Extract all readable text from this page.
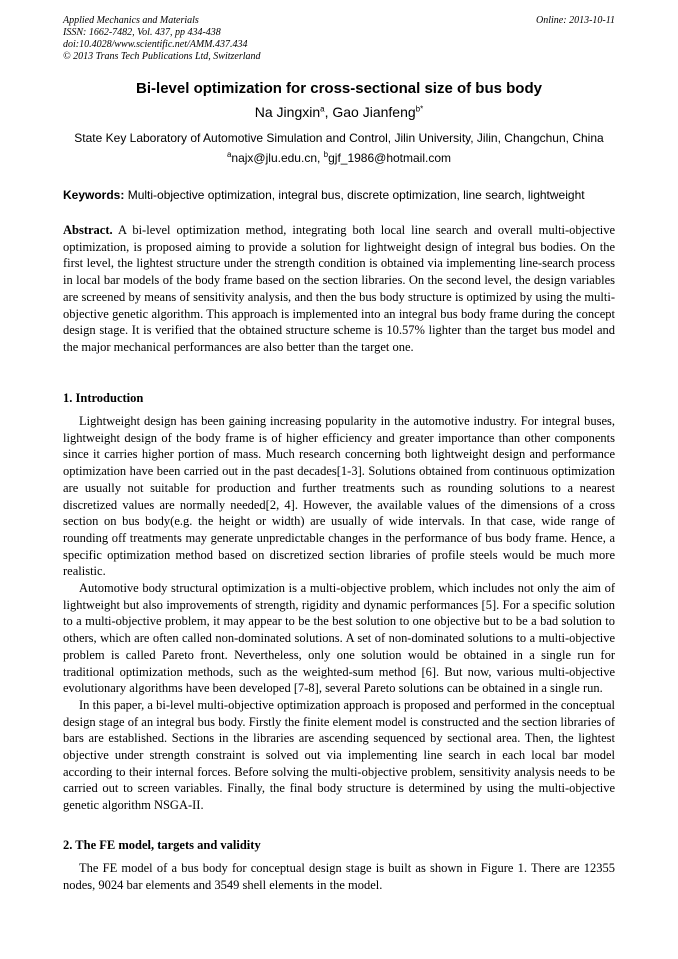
Applied Mechanics and Materials
ISSN: 1662-7482, Vol. 437, pp 434-438
doi:10.4028/www.scientific.net/AMM.437.434
© 2013 Trans Tech Publications Ltd, Switzerland
Online: 2013-10-11
Bi-level optimization for cross-sectional size of bus body
Na Jingxin$^a$, Gao Jianfeng$^{b*}$
State Key Laboratory of Automotive Simulation and Control, Jilin University, Jilin, Changchun, China
$^a$najx@jlu.edu.cn, $^b$gjf_1986@hotmail.com
Keywords: Multi-objective optimization, integral bus, discrete optimization, line search, lightweight

Abstract. A bi-level optimization method, integrating both local line search and overall multi-objective optimization, is proposed aiming to provide a solution for lightweight design of integral bus bodies. On the first level, the lightest structure under the strength condition is obtained via implementing line-search process in local bar models of the body frame based on the section libraries. On the second level, the design variables are screened by means of sensitivity analysis, and then the bus body structure is optimized by using the multi-objective genetic algorithm. This approach is implemented into an integral bus body frame during the concept design stage. It is verified that the obtained structure scheme is 10.57% lighter than the target bus model and the major mechanical performances are also better than the target one.

1. Introduction

Lightweight design has been gaining increasing popularity in the automotive industry. For integral buses, lightweight design of the body frame is of higher efficiency and greater importance than other components since it carries higher portion of mass. Much research concerning both lightweight design and performance optimization have been carried out in the past decades[1-3]. Solutions obtained from continuous optimization are usually not suitable for production and further treatments such as rounding solutions to a nearest discretized values are normally needed[2, 4]. However, the available values of the dimensions of a cross section on bus body(e.g. the height or width) are usually of wide intervals. In that case, wide range of rounding off treatments may generate unpredictable changes in the performance of bus body frame. Hence, a specific optimization method based on discretized section libraries of profile steels would be much more realistic.

Automotive body structural optimization is a multi-objective problem, which includes not only the aim of lightweight but also improvements of strength, rigidity and dynamic performances [5]. For a specific solution to a multi-objective problem, it may appear to be the best solution to one objective but to be a bad solution to others, which are often called non-dominated solutions. A set of non-dominated solutions to a multi-objective problem is called Pareto front. Nevertheless, only one solution would be obtained in a single run for traditional optimization methods, such as the weighted-sum method [6]. But now, various multi-objective evolutionary algorithms have been developed [7-8], several Pareto solutions can be obtained in a single run.

In this paper, a bi-level multi-objective optimization approach is proposed and performed in the conceptual design stage of an integral bus body. Firstly the finite element model is constructed and the section libraries of bars are established. Sections in the libraries are ascending sequenced by sectional area. Then, the lightest objective under strength constraint is solved out via implementing line search in each local bar model according to their internal forces. Before solving the multi-objective problem, sensitivity analysis needs to be carried out to screen variables. Finally, the final body structure is determined by using the multi-objective genetic algorithm NSGA-II.

2. The FE model, targets and validity

The FE model of a bus body for conceptual design stage is built as shown in Figure 1. There are 12355 nodes, 9024 bar elements and 3549 shell elements in the model.
